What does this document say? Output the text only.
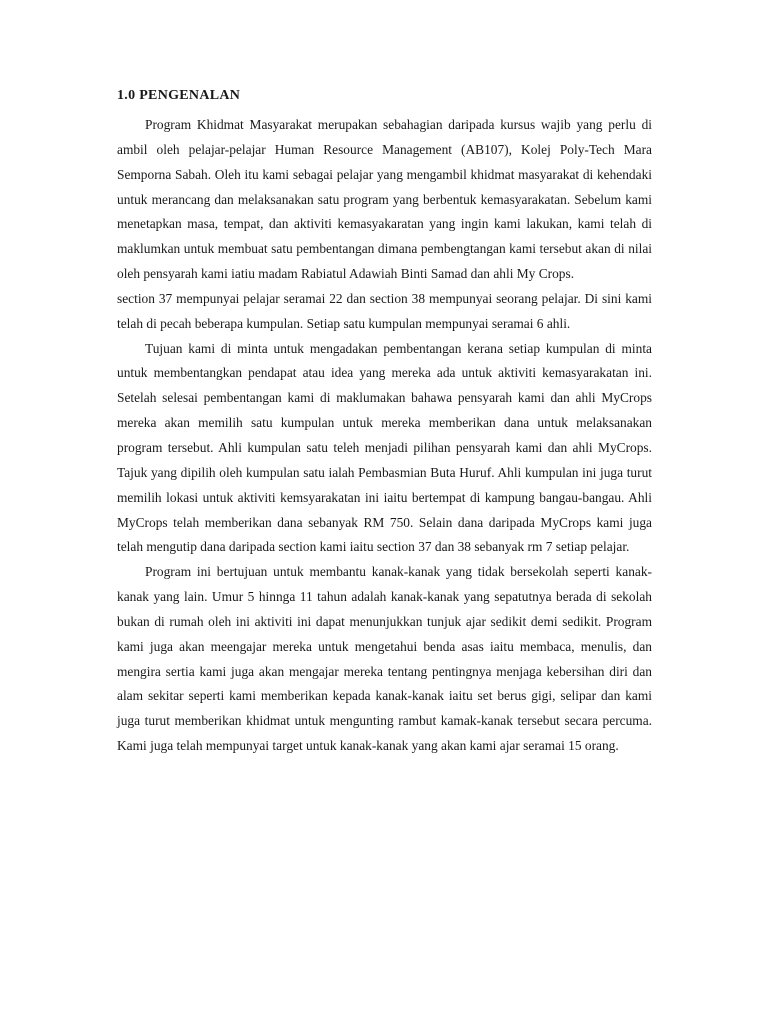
1.0 PENGENALAN

Program Khidmat Masyarakat merupakan sebahagian daripada kursus wajib yang perlu di ambil oleh pelajar-pelajar Human Resource Management (AB107), Kolej Poly-Tech Mara Semporna Sabah. Oleh itu kami sebagai pelajar yang mengambil khidmat masyarakat di kehendaki untuk merancang dan melaksanakan satu program yang berbentuk kemasyarakatan. Sebelum kami menetapkan masa, tempat, dan aktiviti kemasyakaratan yang ingin kami lakukan, kami telah di maklumkan untuk membuat satu pembentangan dimana pembengtangan kami tersebut akan di nilai oleh pensyarah kami iatiu madam Rabiatul Adawiah Binti Samad dan ahli My Crops.

section 37 mempunyai pelajar seramai 22 dan section 38 mempunyai seorang pelajar. Di sini kami telah di pecah beberapa kumpulan. Setiap satu kumpulan mempunyai seramai 6 ahli.

Tujuan kami di minta untuk mengadakan pembentangan kerana setiap kumpulan di minta untuk membentangkan pendapat atau idea yang mereka ada untuk aktiviti kemasyarakatan ini. Setelah selesai pembentangan kami di maklumakan bahawa pensyarah kami dan ahli MyCrops mereka akan memilih satu kumpulan untuk mereka memberikan dana untuk melaksanakan program tersebut. Ahli kumpulan satu teleh menjadi pilihan pensyarah kami dan ahli MyCrops. Tajuk yang dipilih oleh kumpulan satu ialah Pembasmian Buta Huruf. Ahli kumpulan ini juga turut memilih lokasi untuk aktiviti kemsyarakatan ini iaitu bertempat di kampung bangau-bangau. Ahli MyCrops telah memberikan dana sebanyak RM 750. Selain dana daripada MyCrops kami juga telah mengutip dana daripada section kami iaitu section 37 dan 38 sebanyak rm 7 setiap pelajar.

Program ini bertujuan untuk membantu kanak-kanak yang tidak bersekolah seperti kanak-kanak yang lain. Umur 5 hinnga 11 tahun adalah kanak-kanak yang sepatutnya berada di sekolah bukan di rumah oleh ini aktiviti ini dapat menunjukkan tunjuk ajar sedikit demi sedikit. Program kami juga akan meengajar mereka untuk mengetahui benda asas iaitu membaca, menulis, dan mengira sertia kami juga akan mengajar mereka tentang pentingnya menjaga kebersihan diri dan alam sekitar seperti kami memberikan kepada kanak-kanak iaitu set berus gigi, selipar dan kami juga turut memberikan khidmat untuk mengunting rambut kamak-kanak tersebut secara percuma. Kami juga telah mempunyai target untuk kanak-kanak yang akan kami ajar seramai 15 orang.
